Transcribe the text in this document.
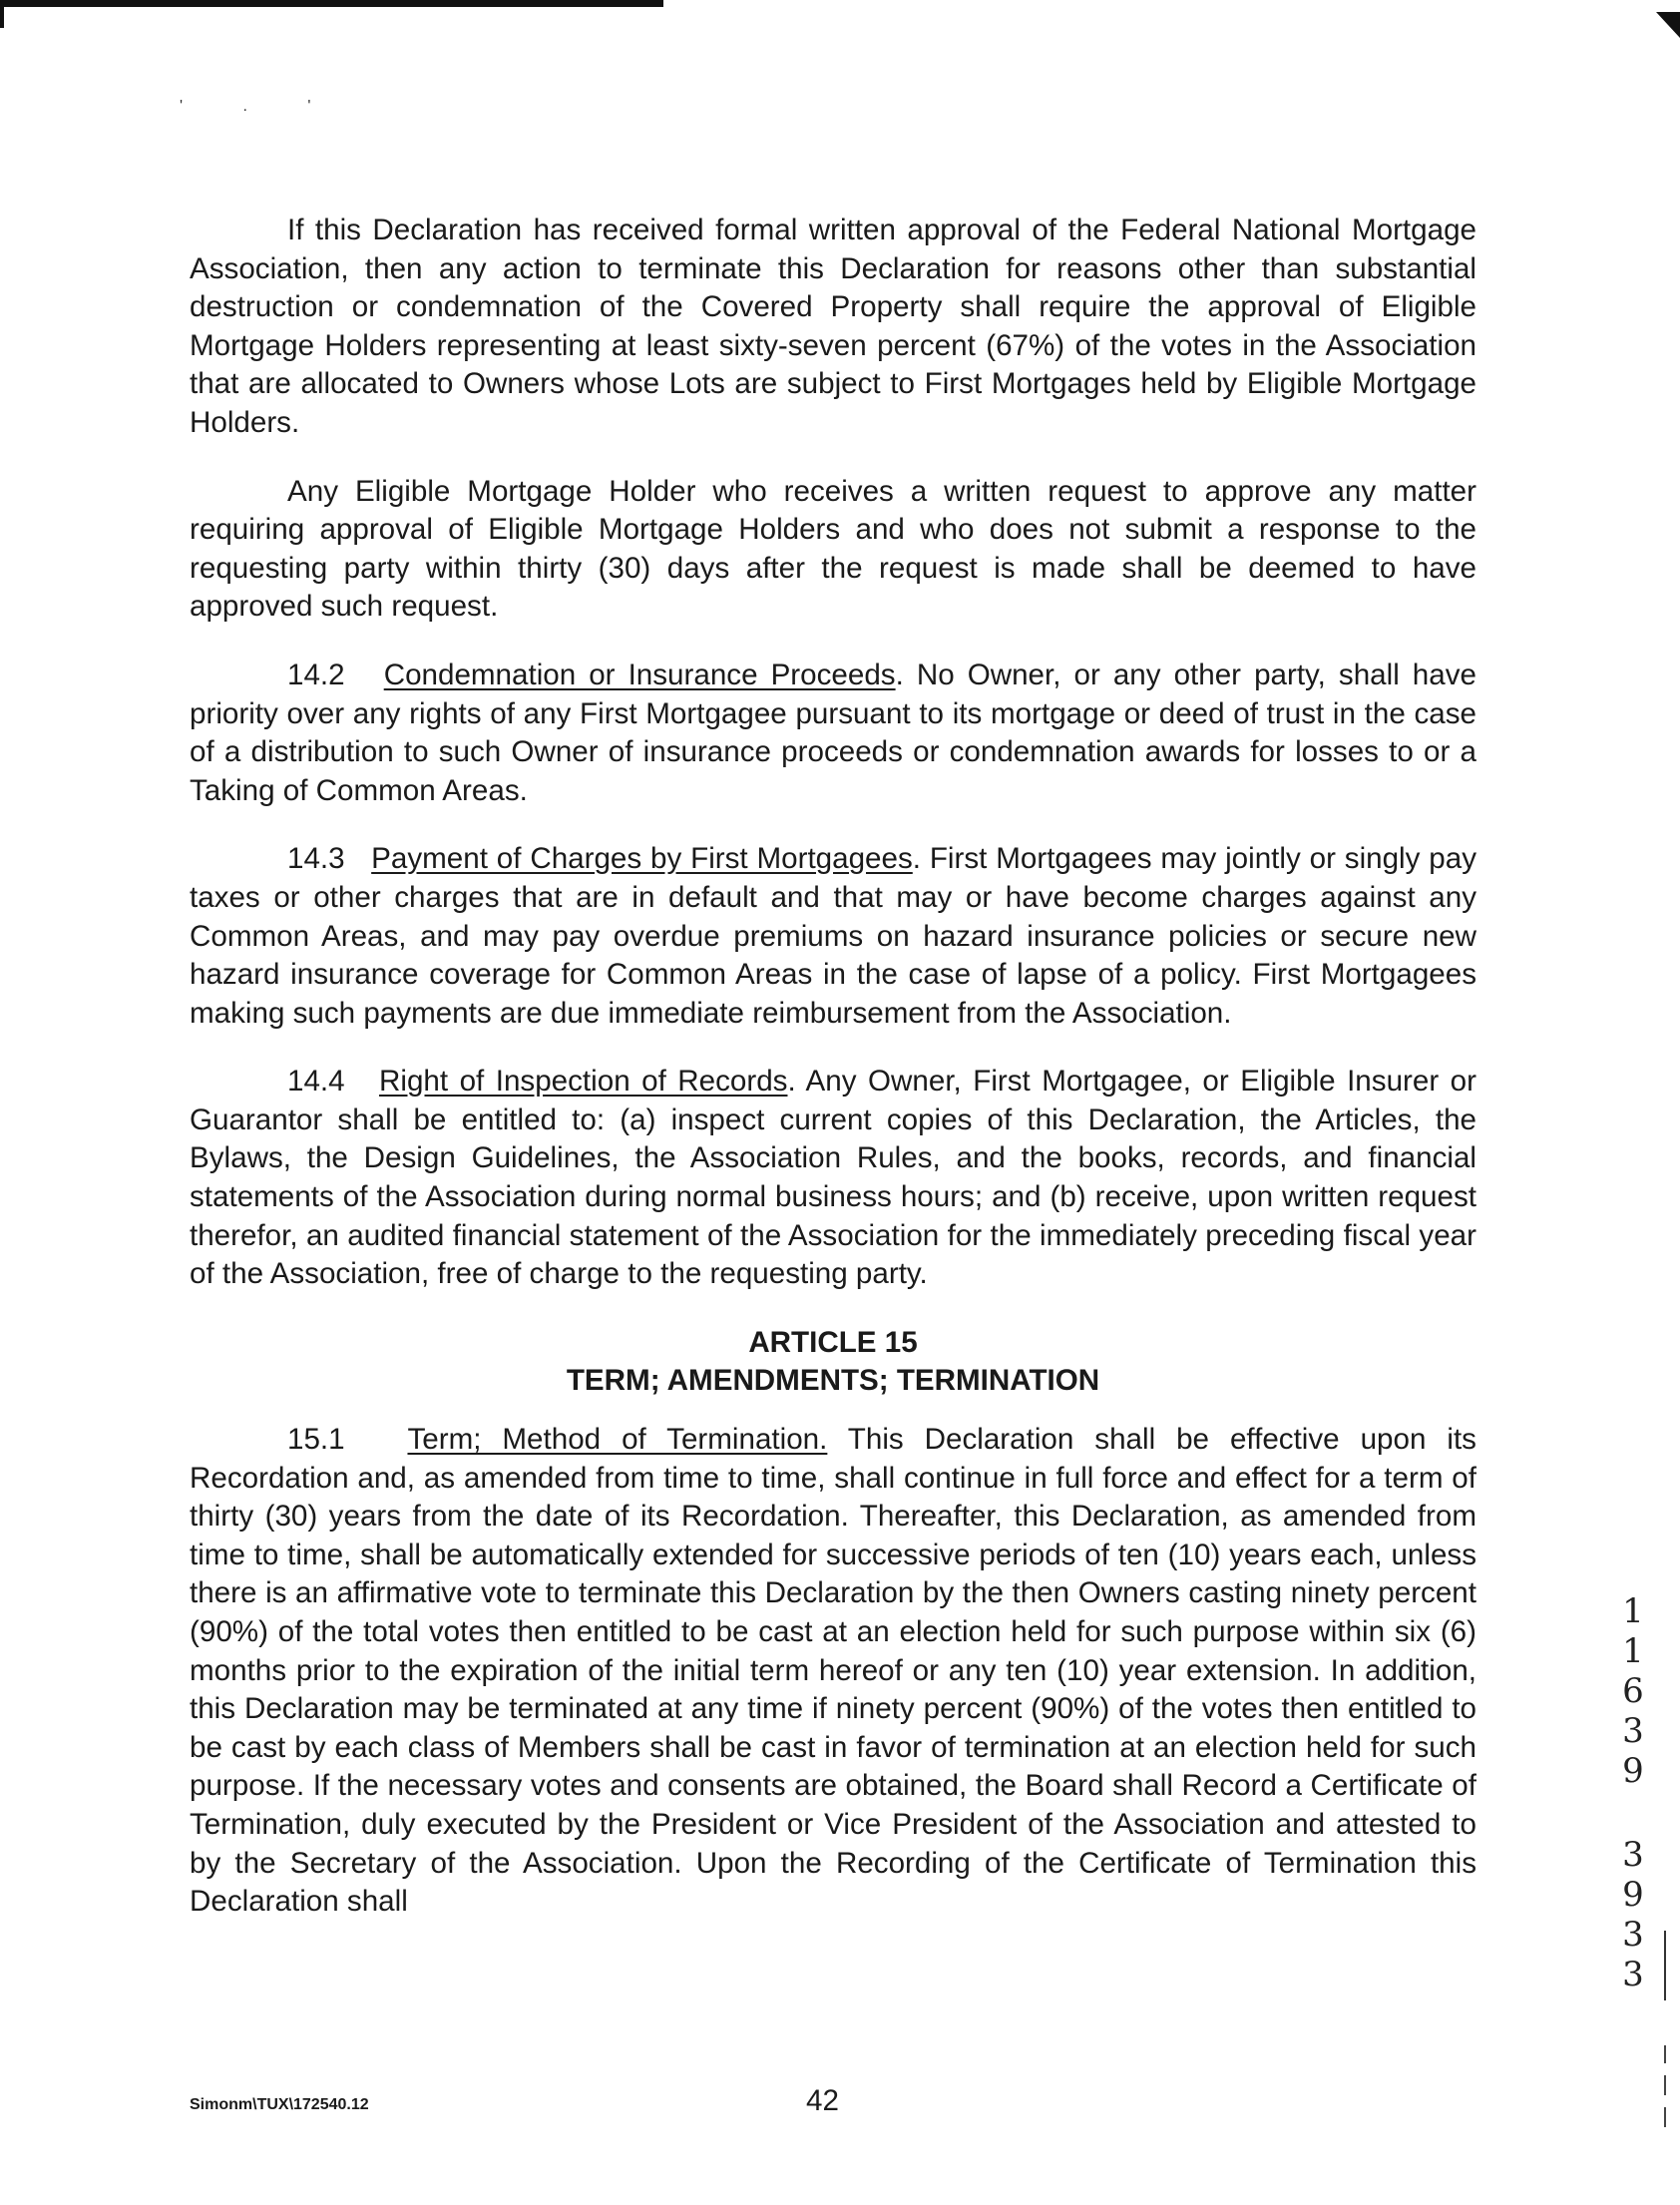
' . '

If this Declaration has received formal written approval of the Federal National Mortgage Association, then any action to terminate this Declaration for reasons other than substantial destruction or condemnation of the Covered Property shall require the approval of Eligible Mortgage Holders representing at least sixty-seven percent (67%) of the votes in the Association that are allocated to Owners whose Lots are subject to First Mortgages held by Eligible Mortgage Holders.

Any Eligible Mortgage Holder who receives a written request to approve any matter requiring approval of Eligible Mortgage Holders and who does not submit a response to the requesting party within thirty (30) days after the request is made shall be deemed to have approved such request.

14.2 Condemnation or Insurance Proceeds. No Owner, or any other party, shall have priority over any rights of any First Mortgagee pursuant to its mortgage or deed of trust in the case of a distribution to such Owner of insurance proceeds or condemnation awards for losses to or a Taking of Common Areas.

14.3 Payment of Charges by First Mortgagees. First Mortgagees may jointly or singly pay taxes or other charges that are in default and that may or have become charges against any Common Areas, and may pay overdue premiums on hazard insurance policies or secure new hazard insurance coverage for Common Areas in the case of lapse of a policy. First Mortgagees making such payments are due immediate reimbursement from the Association.

14.4 Right of Inspection of Records. Any Owner, First Mortgagee, or Eligible Insurer or Guarantor shall be entitled to: (a) inspect current copies of this Declaration, the Articles, the Bylaws, the Design Guidelines, the Association Rules, and the books, records, and financial statements of the Association during normal business hours; and (b) receive, upon written request therefor, an audited financial statement of the Association for the immediately preceding fiscal year of the Association, free of charge to the requesting party.

ARTICLE 15
TERM; AMENDMENTS; TERMINATION

15.1 Term; Method of Termination. This Declaration shall be effective upon its Recordation and, as amended from time to time, shall continue in full force and effect for a term of thirty (30) years from the date of its Recordation. Thereafter, this Declaration, as amended from time to time, shall be automatically extended for successive periods of ten (10) years each, unless there is an affirmative vote to terminate this Declaration by the then Owners casting ninety percent (90%) of the total votes then entitled to be cast at an election held for such purpose within six (6) months prior to the expiration of the initial term hereof or any ten (10) year extension. In addition, this Declaration may be terminated at any time if ninety percent (90%) of the votes then entitled to be cast by each class of Members shall be cast in favor of termination at an election held for such purpose. If the necessary votes and consents are obtained, the Board shall Record a Certificate of Termination, duly executed by the President or Vice President of the Association and attested to by the Secretary of the Association. Upon the Recording of the Certificate of Termination this Declaration shall

Simonm\TUX\172540.12	42
1
1
6
3
9
3
9
3
3
